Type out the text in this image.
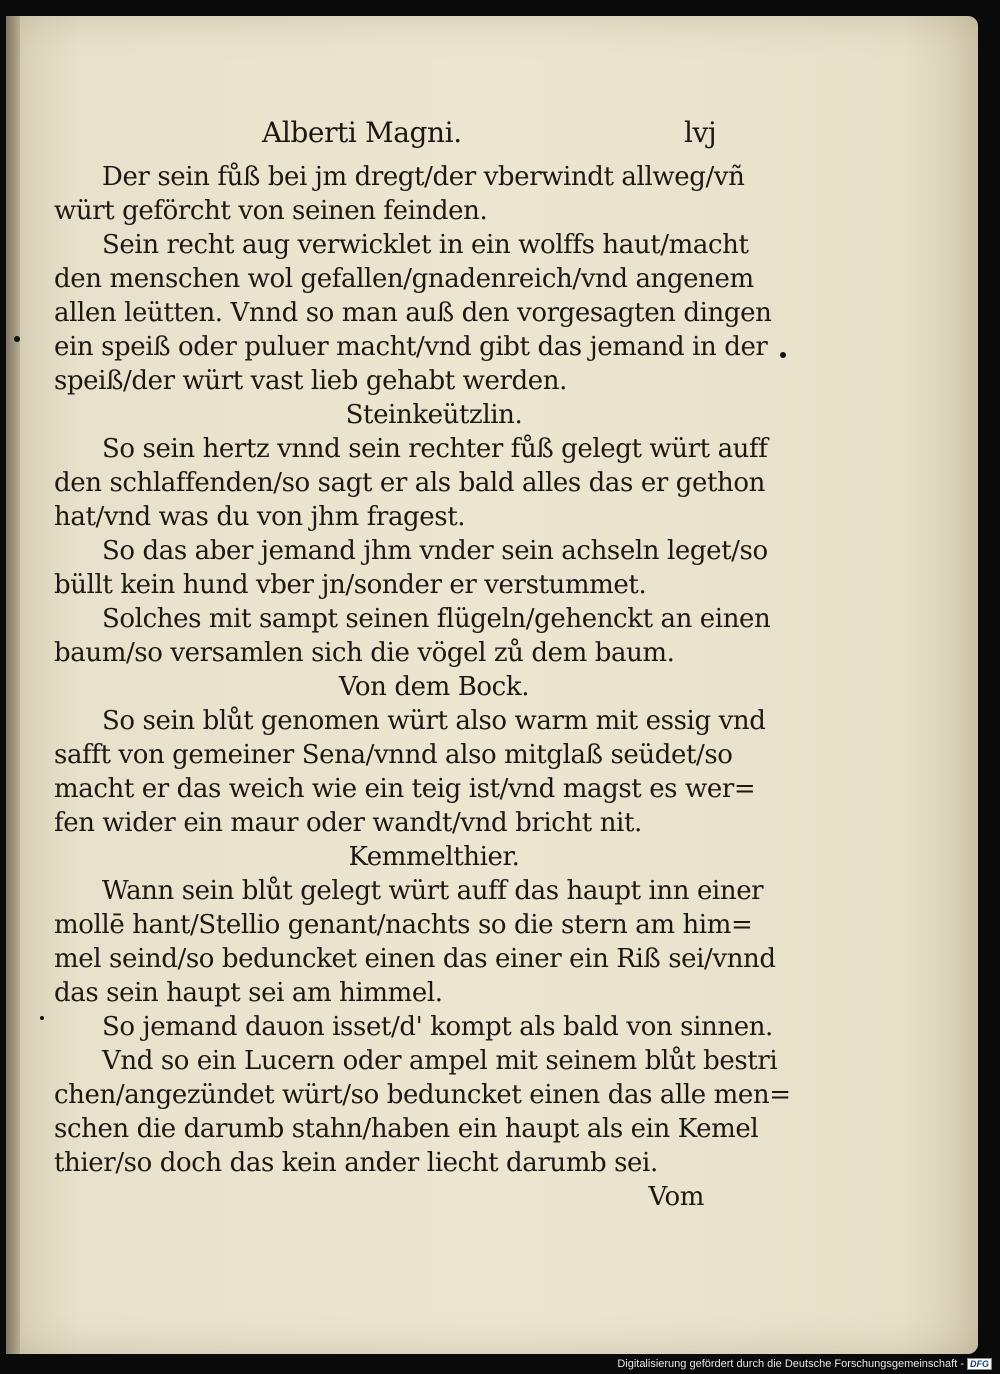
Alberti Magni.	lvj
Der sein fůß bei jm dregt/der vberwindt allweg/vñ
würt geförcht von seinen feinden.
Sein recht aug verwicklet in ein wolffs haut/macht
den menschen wol gefallen/gnadenreich/vnd angenem
allen leütten. Vnnd so man auß den vorgesagten dingen
ein speiß oder puluer macht/vnd gibt das jemand in der
speiß/der würt vast lieb gehabt werden.
Steinkeützlin.
So sein hertz vnnd sein rechter fůß gelegt würt auff
den schlaffenden/so sagt er als bald alles das er gethon
hat/vnd was du von jhm fragest.
So das aber jemand jhm vnder sein achseln leget/so
büllt kein hund vber jn/sonder er verstummet.
Solches mit sampt seinen flügeln/gehenckt an einen
baum/so versamlen sich die vögel zů dem baum.
Von dem Bock.
So sein blůt genomen würt also warm mit essig vnd
safft von gemeiner Sena/vnnd also mitglaß seüdet/so
macht er das weich wie ein teig ist/vnd magst es wer=
fen wider ein maur oder wandt/vnd bricht nit.
Kemmelthier.
Wann sein blůt gelegt würt auff das haupt inn einer
mollē hant/Stellio genant/nachts so die stern am him=
mel seind/so beduncket einen das einer ein Riß sei/vnnd
das sein haupt sei am himmel.
So jemand dauon isset/d' kompt als bald von sinnen.
Vnd so ein Lucern oder ampel mit seinem blůt bestri
chen/angezündet würt/so beduncket einen das alle men=
schen die darumb stahn/haben ein haupt als ein Kemel
thier/so doch das kein ander liecht darumb sei.
Vom
Digitalisierung gefördert durch die Deutsche Forschungsgemeinschaft - DFG
